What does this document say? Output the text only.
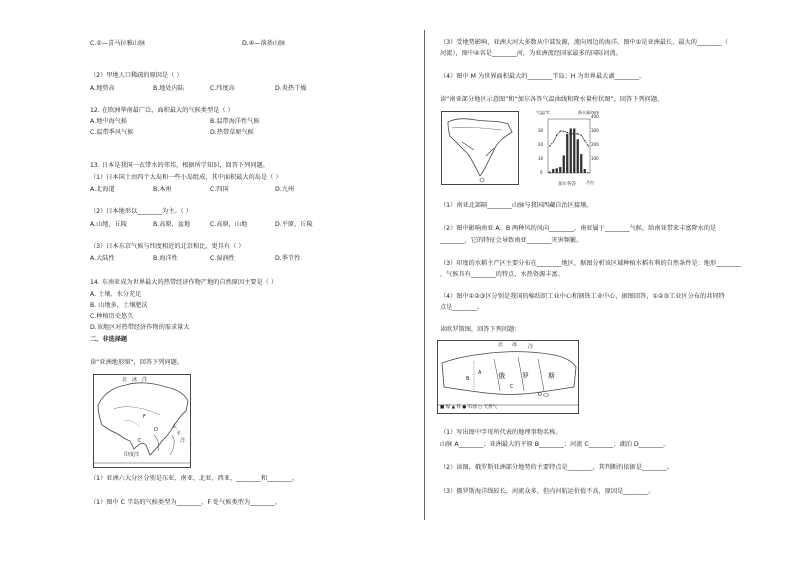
C.①—喜马拉雅山脉	D.④—落基山脉
（2）甲地人口稀疏的原因是（ ）
A.地势高	B.地处内陆	C.纬度高	D.炎热干燥
12. 在欧洲华南最广泛，面积最大的气候类型是（ ）
A.地中海气候	B.温带海洋性气候
C.温带季风气候	D.热带草原气候
13. 日本是我国一衣带水的邻邦，根据所学知识，回答下列问题。
（1）日本国土由四个大岛和一些小岛组成，其中面积最大的岛是（ ）
A.北海道	B.本州	C.四国	D.九州
（2）日本地形以________为主。（ ）
A.山地，丘陵	B.高原，盆地	C.高原，山地	D.平原，丘陵
（3）日本东京气候与纬度相近的北京相比，更具有（ ）
A.大陆性	B.海洋性	C.湿润性	D.季节性
14. 东南亚成为世界最大的热带经济作物产地的自然原因主要是（ ）
A. 土壤、水分充足
B. 山地多，土壤肥沃
C.种植历史悠久
D.该地区对热带经济作物的需求量大
二、非选择题
读“亚洲地形图”，回答下列问题。
北 冰 洋
F
太
平
洋
D
C
印度洋
（1）亚洲六大分区分别是东亚、南亚、北亚、西亚、________和________。
（1）图中 C 半岛的气候类型为________，F 处气候类型为________。
（3）受地势影响，亚洲大河大多数从中部发源，流向周边的海洋。图中①是亚洲最长，最大的________（
河流），图中④名是________河，为亚洲流经国家最多的国际河流。
（4）图中 M 为世界面积最大的________半岛；H 为世界最大湖________。
读“南亚部分地区示意图”和“加尔各答气温曲线和降水量柱状图”，回答下列问题。
气温/℃	降水量/mm
30
20
10
0
400
300
200
100
月份
加尔各答
（1）南亚北部隔________山脉与我国西藏自治区接壤。
（2）图中影响南亚 A、B 两种风的风向________，南亚属于________气候，给南亚带来丰富降水的是
________，它的特征会导致南亚________灾害频繁。
（3）印度的水稻主产区主要分布在________地区，据图分析该区域种植水稻有利的自然条件是：地形________
，气候具有________的特点，水热资源丰富。
（4）图中①②③区分别是我国的棉纺织工业中心和钢铁工业中心，据图回答，①②③工业区分布的共同特
点是________。
读欧罗斯图，回答下列问题：
北 冰 洋
俄 罗	斯
A
B
C
D
■ 煤 ▲ 铁 ● 石油 ○ 天然气
（1）写出图中字母所代表的地理事物名称。
山脉 A________；亚洲最大的平原 B________；河流 C________；湖泊 D________。
（2）读图，俄罗斯亚洲部分地势的主要特点是________，其判断的依据是________。
（3）俄罗斯海洋线较长，河流众多，但内河航运价值不高，原因是________。
